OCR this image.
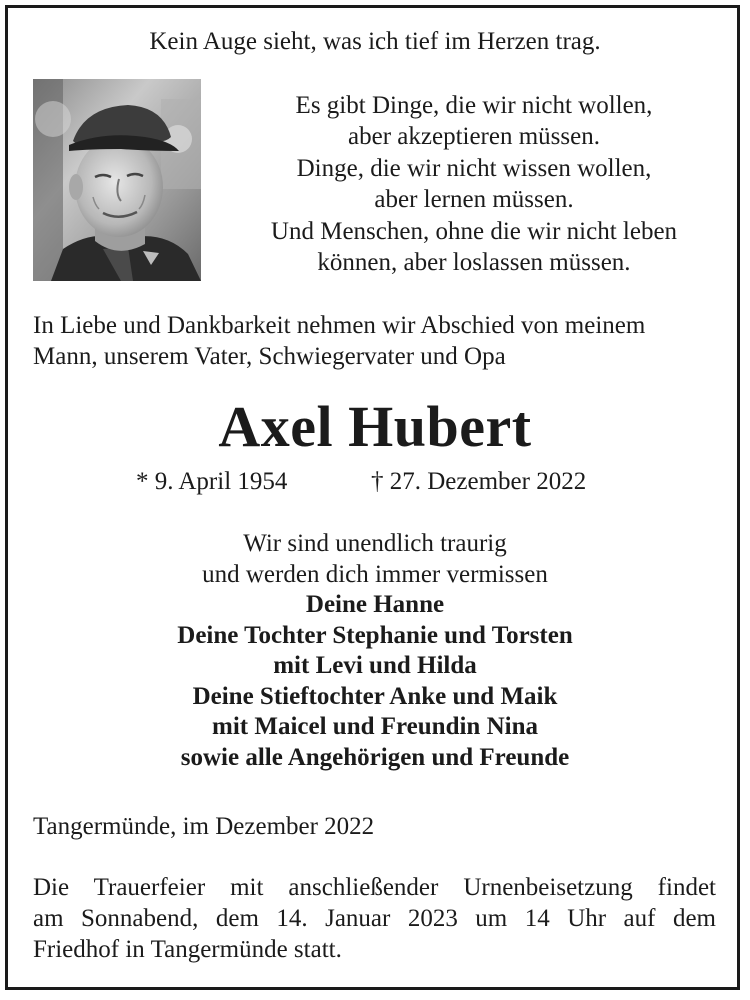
Kein Auge sieht, was ich tief im Herzen trag.
Es gibt Dinge, die wir nicht wollen,
aber akzeptieren müssen.
Dinge, die wir nicht wissen wollen,
aber lernen müssen.
Und Menschen, ohne die wir nicht leben
können, aber loslassen müssen.
In Liebe und Dankbarkeit nehmen wir Abschied von meinem
Mann, unserem Vater, Schwiegervater und Opa
Axel Hubert
* 9. April 1954	† 27. Dezember 2022
Wir sind unendlich traurig
und werden dich immer vermissen
Deine Hanne
Deine Tochter Stephanie und Torsten
mit Levi und Hilda
Deine Stieftochter Anke und Maik
mit Maicel und Freundin Nina
sowie alle Angehörigen und Freunde
Tangermünde, im Dezember 2022
Die Trauerfeier mit anschließender Urnenbeisetzung findet
am Sonnabend, dem 14. Januar 2023 um 14 Uhr auf dem
Friedhof in Tangermünde statt.
